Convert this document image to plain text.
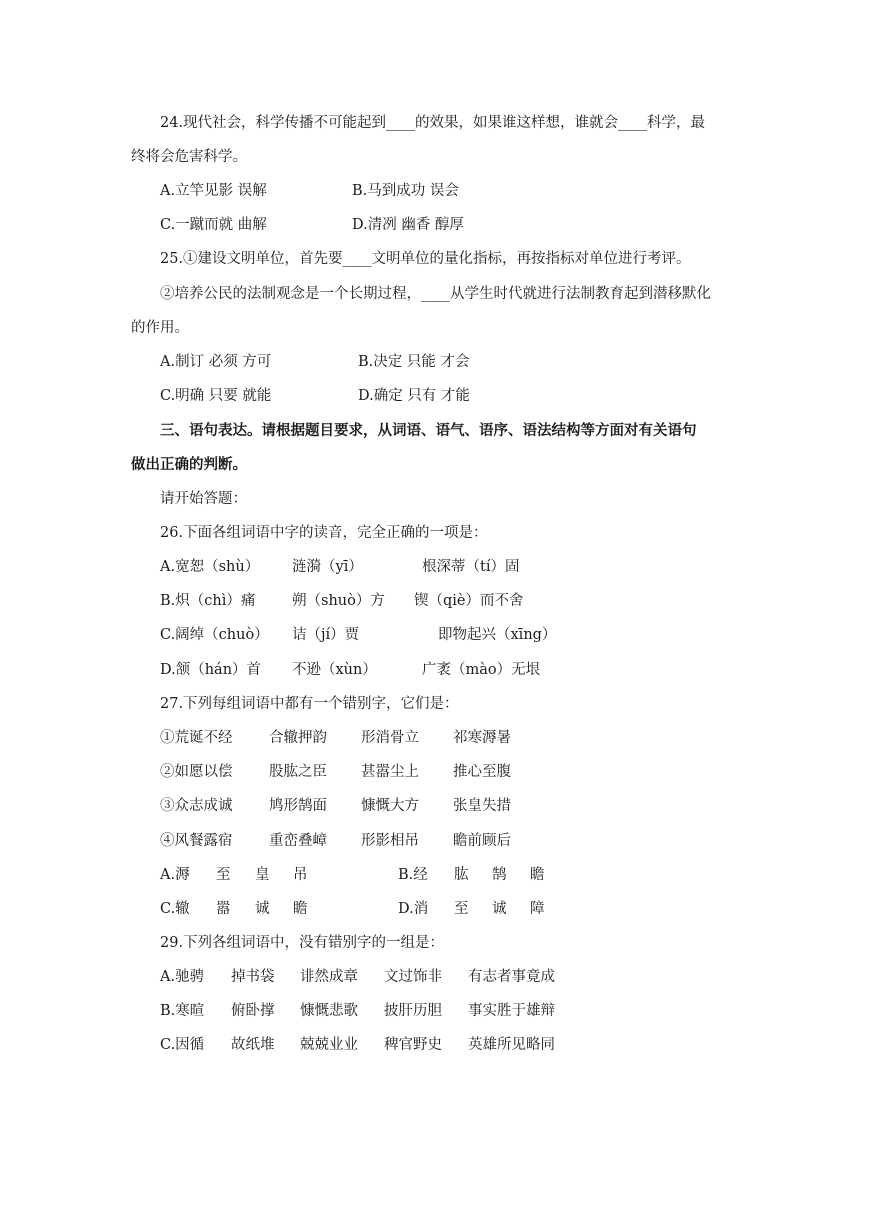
24.现代社会，科学传播不可能起到____的效果，如果谁这样想，谁就会____科学，最
终将会危害科学。
A.立竿见影 误解	B.马到成功 误会
C.一蹴而就 曲解	D.清冽 幽香 醇厚
25.①建设文明单位，首先要____文明单位的量化指标，再按指标对单位进行考评。
②培养公民的法制观念是一个长期过程，____从学生时代就进行法制教育起到潜移默化
的作用。
A.制订 必须 方可	B.决定 只能 才会
C.明确 只要 就能	D.确定 只有 才能
三、语句表达。请根据题目要求，从词语、语气、语序、语法结构等方面对有关语句
做出正确的判断。
请开始答题：
26.下面各组词语中字的读音，完全正确的一项是：
A.宽恕（shù） 涟漪（yī）	根深蒂（tí）固
B.炽（chì）痛	朔（shuò）方 锲（qiè）而不舍
C.阔绰（chuò） 诘（jí）贾	即物起兴（xīng）
D.颔（hán）首 不逊（xùn）	广袤（mào）无垠
27.下列每组词语中都有一个错别字，它们是：
①荒诞不经	合辙押韵 形消骨立 祁寒溽暑
②如愿以偿	股肱之臣 甚嚣尘上 推心至腹
③众志成诚	鸠形鹄面 慷慨大方 张皇失措
④风餐露宿	重峦叠嶂 形影相吊 瞻前顾后
A.溽 至 皇 吊	B.经 肱 鹄 瞻
C.辙 嚣 诚 瞻	D.消 至 诚 障
29.下列各组词语中，没有错别字的一组是：
A.驰骋 掉书袋 诽然成章 文过饰非 有志者事竟成
B.寒暄 俯卧撑 慷慨悲歌 披肝历胆 事实胜于雄辩
C.因循 故纸堆 兢兢业业 稗官野史 英雄所见略同
